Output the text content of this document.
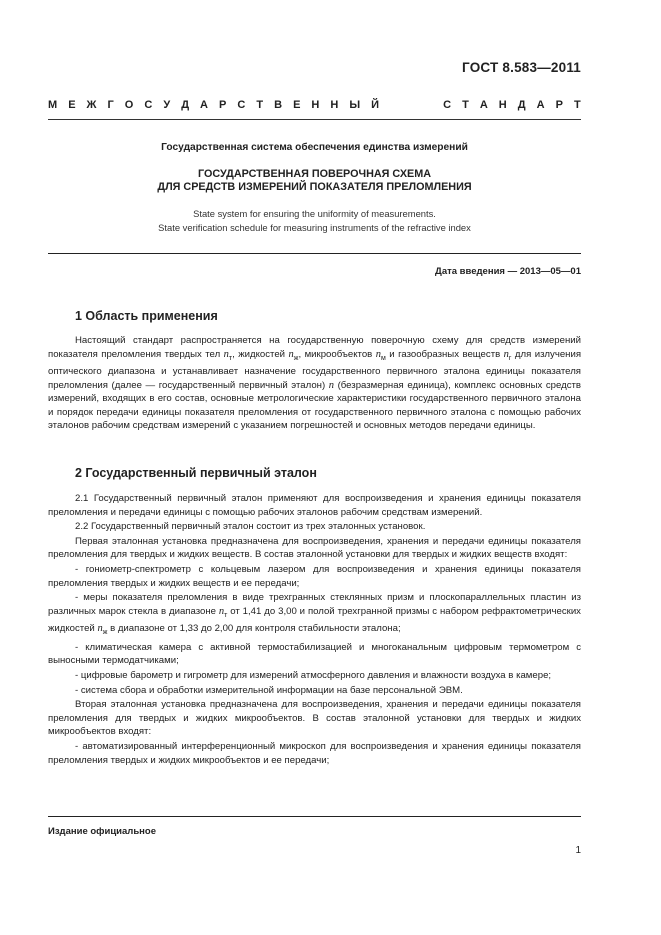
ГОСТ 8.583—2011
М Е Ж Г О С У Д А Р С Т В Е Н Н Ы Й	С Т А Н Д А Р Т
Государственная система обеспечения единства измерений
ГОСУДАРСТВЕННАЯ ПОВЕРОЧНАЯ СХЕМА
ДЛЯ СРЕДСТВ ИЗМЕРЕНИЙ ПОКАЗАТЕЛЯ ПРЕЛОМЛЕНИЯ
State system for ensuring the uniformity of measurements.
State verification schedule for measuring instruments of the refractive index
Дата введения — 2013—05—01
1 Область применения

Настоящий стандарт распространяется на государственную поверочную схему для средств измерений показателя преломления твердых тел $n_т$, жидкостей $n_ж$, микрообъектов $n_м$ и газообразных веществ $n_г$ для излучения оптического диапазона и устанавливает назначение государственного первичного эталона единицы показателя преломления (далее — государственный первичный эталон) n (безразмерная единица), комплекс основных средств измерений, входящих в его состав, основные метрологические характеристики государственного первичного эталона и порядок передачи единицы показателя преломления от государственного первичного эталона с помощью рабочих эталонов рабочим средствам измерений с указанием погрешностей и основных методов передачи единицы.

2 Государственный первичный эталон

2.1 Государственный первичный эталон применяют для воспроизведения и хранения единицы показателя преломления и передачи единицы с помощью рабочих эталонов рабочим средствам измерений.

2.2 Государственный первичный эталон состоит из трех эталонных установок.

Первая эталонная установка предназначена для воспроизведения, хранения и передачи единицы показателя преломления для твердых и жидких веществ. В состав эталонной установки для твердых и жидких веществ входят:

- гониометр-спектрометр с кольцевым лазером для воспроизведения и хранения единицы показателя преломления твердых и жидких веществ и ее передачи;

- меры показателя преломления в виде трехгранных стеклянных призм и плоскопараллельных пластин из различных марок стекла в диапазоне $n_т$ от 1,41 до 3,00 и полой трехгранной призмы с набором рефрактометрических жидкостей $n_ж$ в диапазоне от 1,33 до 2,00 для контроля стабильности эталона;

- климатическая камера с активной термостабилизацией и многоканальным цифровым термометром с выносными термодатчиками;

- цифровые барометр и гигрометр для измерений атмосферного давления и влажности воздуха в камере;

- система сбора и обработки измерительной информации на базе персональной ЭВМ.

Вторая эталонная установка предназначена для воспроизведения, хранения и передачи единицы показателя преломления для твердых и жидких микрообъектов. В состав эталонной установки для твердых и жидких микрообъектов входят:

- автоматизированный интерференционный микроскоп для воспроизведения и хранения единицы показателя преломления твердых и жидких микрообъектов и ее передачи;

Издание официальное
1
